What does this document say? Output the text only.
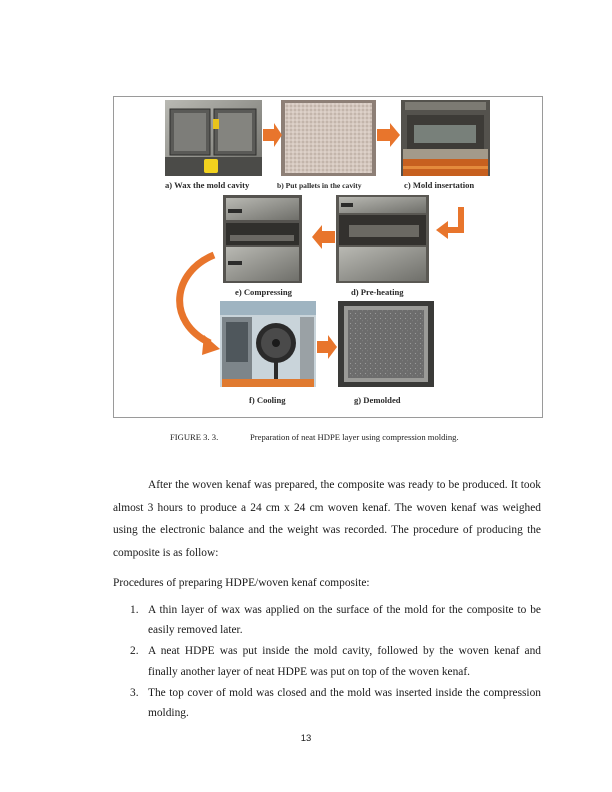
a) Wax the mold cavity	b) Put pallets in the cavity	c) Mold insertation
e) Compressing	d) Pre-heating
f) Cooling	g) Demolded
FIGURE 3. 3.	Preparation of neat HDPE layer using compression molding.

After the woven kenaf was prepared, the composite was ready to be produced. It took almost 3 hours to produce a 24 cm x 24 cm woven kenaf. The woven kenaf was weighed using the electronic balance and the weight was recorded. The procedure of producing the composite is as follow:

Procedures of preparing HDPE/woven kenaf composite:
1. A thin layer of wax was applied on the surface of the mold for the composite to be easily removed later.
2. A neat HDPE was put inside the mold cavity, followed by the woven kenaf and finally another layer of neat HDPE was put on top of the woven kenaf.
3. The top cover of mold was closed and the mold was inserted inside the compression molding.
13
